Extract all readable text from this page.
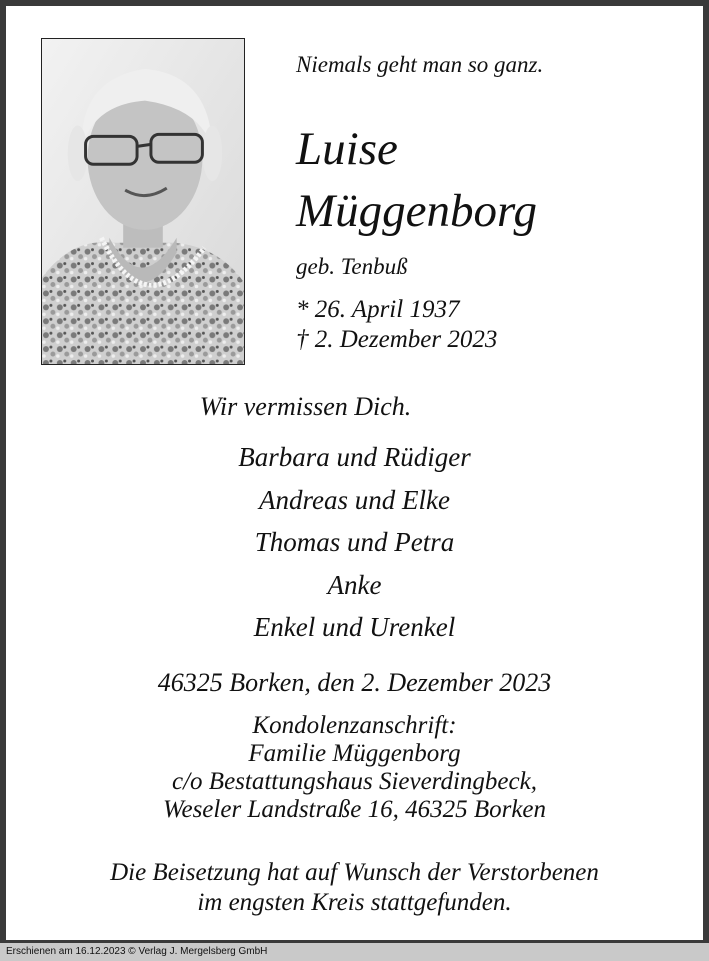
Niemals geht man so ganz.
Luise
Müggenborg
geb. Tenbuß
* 26. April 1937
† 2. Dezember 2023
Wir vermissen Dich.
Barbara und Rüdiger
Andreas und Elke
Thomas und Petra
Anke
Enkel und Urenkel
46325 Borken, den 2. Dezember 2023
Kondolenzanschrift:
Familie Müggenborg
c/o Bestattungshaus Sieverdingbeck,
Weseler Landstraße 16, 46325 Borken
Die Beisetzung hat auf Wunsch der Verstorbenen
im engsten Kreis stattgefunden.
Erschienen am 16.12.2023 © Verlag J. Mergelsberg GmbH
